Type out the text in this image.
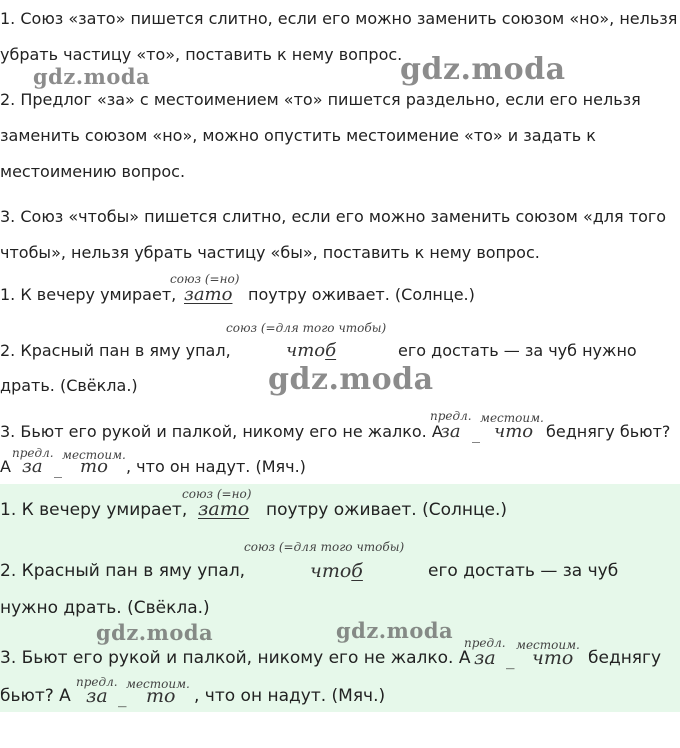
gdz.moda	gdz.moda
gdz.moda
gdz.moda	gdz.moda
1. Союз «зато» пишется слитно, если его можно заменить союзом «но», нельзя
убрать частицу «то», поставить к нему вопрос.
2. Предлог «за» с местоимением «то» пишется раздельно, если его нельзя
заменить союзом «но», можно опустить местоимение «то» и задать к
местоимению вопрос.
3. Союз «чтобы» пишется слитно, если его можно заменить союзом «для того
чтобы», нельзя убрать частицу «бы», поставить к нему вопрос.
1. К вечеру умирает,
союз (=но)
зато поутру оживает. (Солнце.)
союз (=для того чтобы)
2. Красный пан в яму упал,	чтоб	его достать — за чуб нужно
драть. (Свёкла.)
предл. местоим.
3. Бьют его рукой и палкой, никому его не жалко. А
за _ что беднягу бьют?
предл. местоим.
А за _ то , что он надут. (Мяч.)
союз (=но)
1. К вечеру умирает, зато поутру оживает. (Солнце.)
союз (=для того чтобы)
2. Красный пан в яму упал,	чтоб	его достать — за чуб
нужно драть. (Свёкла.)
предл. местоим.
3. Бьют его рукой и палкой, никому его не жалко. А за _ что беднягу
предл. местоим.
бьют? А за _ то , что он надут. (Мяч.)
